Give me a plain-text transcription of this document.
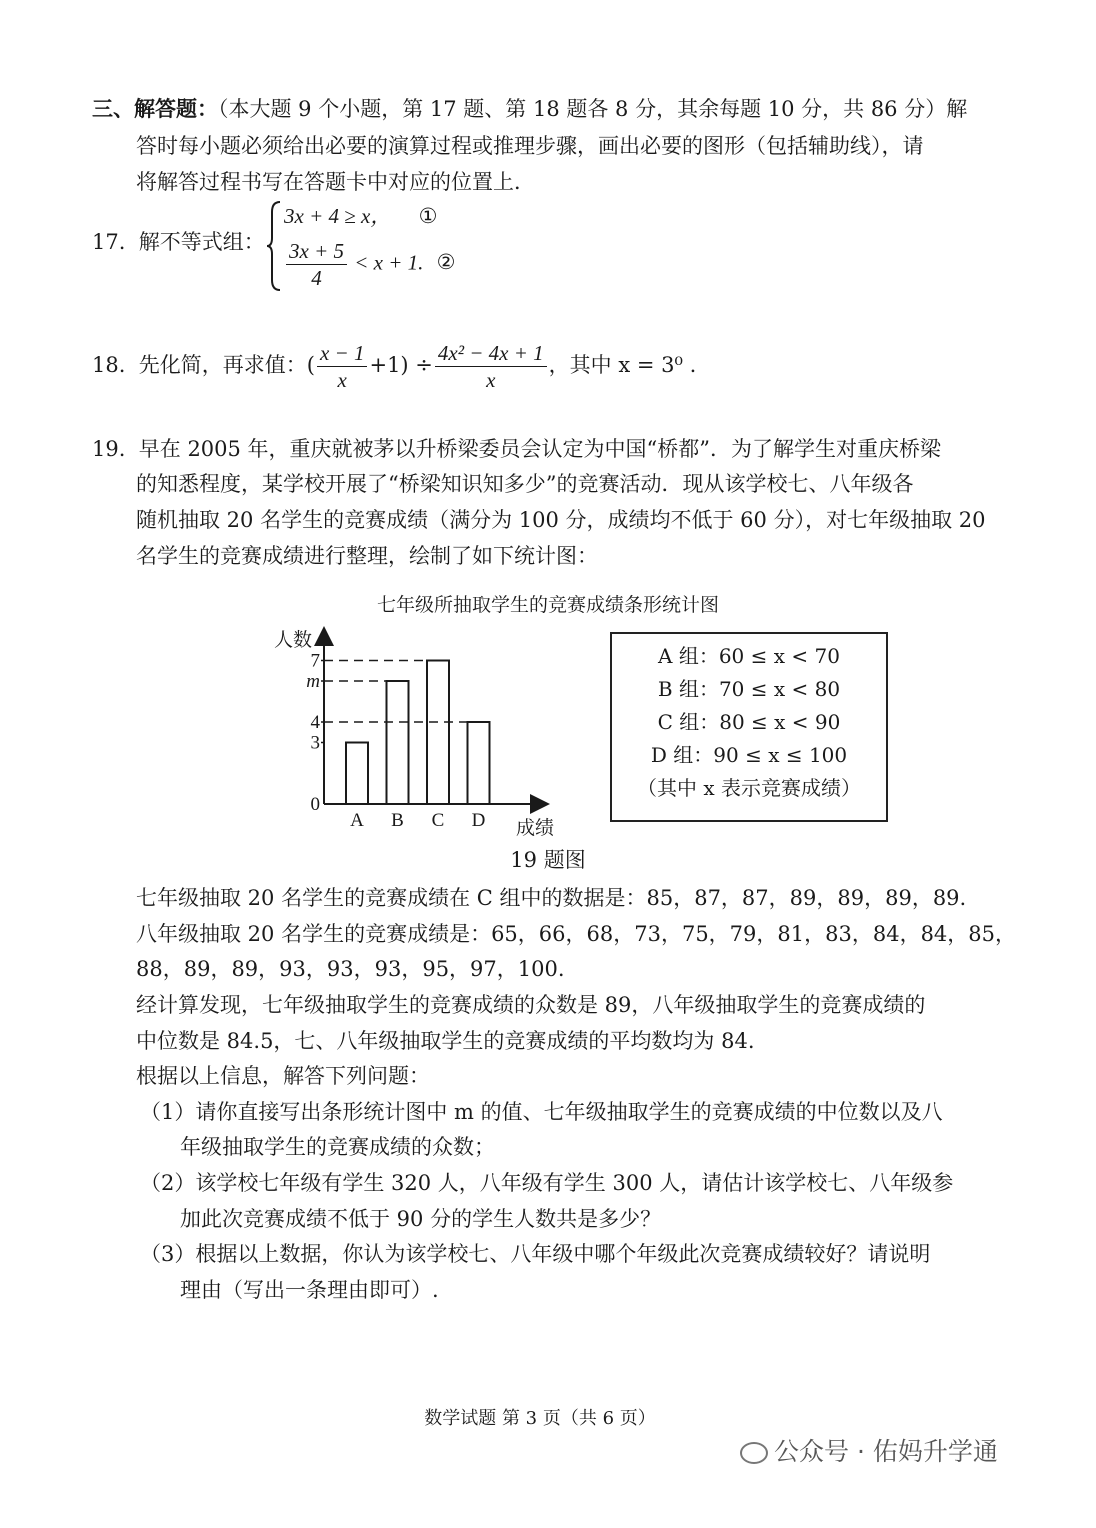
三、解答题：（本大题 9 个小题，第 17 题、第 18 题各 8 分，其余每题 10 分，共 86 分）解
答时每小题必须给出必要的演算过程或推理步骤，画出必要的图形（包括辅助线），请
将解答过程书写在答题卡中对应的位置上．
17. 解不等式组：
3x + 4 ≥ x， ①
$\frac{3x + 5}{4} < x + 1$. ②
18. 先化简，再求值：( $\frac{x - 1}{x} +1) \div \frac{\text{4x² − 4x + 1}}{x}$ ，其中 x = 3⁰ .
19. 早在 2005 年，重庆就被茅以升桥梁委员会认定为中国“桥都”．为了解学生对重庆桥梁
的知悉程度，某学校开展了“桥梁知识知多少”的竞赛活动．现从该学校七、八年级各
随机抽取 20 名学生的竞赛成绩（满分为 100 分，成绩均不低于 60 分），对七年级抽取 20
名学生的竞赛成绩进行整理，绘制了如下统计图：
七年级所抽取学生的竞赛成绩条形统计图
人数
成绩
0
3
4
m
7
A B C D
A 组：60 ≤ x < 70
B 组：70 ≤ x < 80
C 组：80 ≤ x < 90
D 组：90 ≤ x ≤ 100
（其中 x 表示竞赛成绩）
19 题图
七年级抽取 20 名学生的竞赛成绩在 C 组中的数据是：85，87，87，89，89，89，89.
八年级抽取 20 名学生的竞赛成绩是：65，66，68，73，75，79，81，83，84，84，85，
88，89，89，93，93，93，95，97，100.
经计算发现，七年级抽取学生的竞赛成绩的众数是 89，八年级抽取学生的竞赛成绩的
中位数是 84.5，七、八年级抽取学生的竞赛成绩的平均数均为 84.
根据以上信息，解答下列问题：
（1）请你直接写出条形统计图中 m 的值、七年级抽取学生的竞赛成绩的中位数以及八
年级抽取学生的竞赛成绩的众数；
（2）该学校七年级有学生 320 人，八年级有学生 300 人，请估计该学校七、八年级参
加此次竞赛成绩不低于 90 分的学生人数共是多少？
（3）根据以上数据，你认为该学校七、八年级中哪个年级此次竞赛成绩较好？请说明
理由（写出一条理由即可）.
数学试题 第 3 页（共 6 页）
公众号 · 佑妈升学通
